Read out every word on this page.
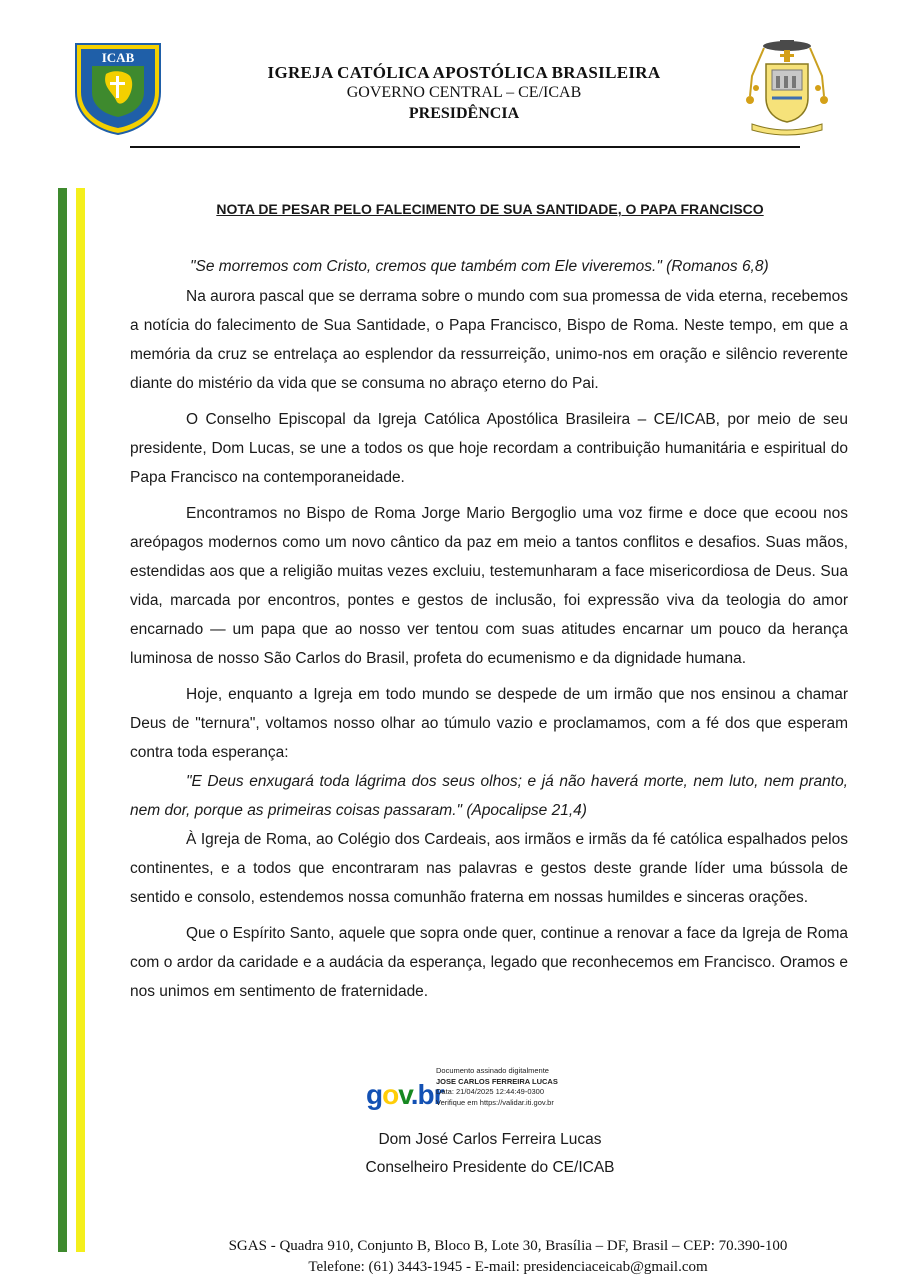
ICAB
IGREJA CATÓLICA APOSTÓLICA BRASILEIRA
GOVERNO CENTRAL – CE/ICAB
PRESIDÊNCIA
NOTA DE PESAR PELO FALECIMENTO DE SUA SANTIDADE, O PAPA FRANCISCO

"Se morremos com Cristo, cremos que também com Ele viveremos." (Romanos 6,8)

Na aurora pascal que se derrama sobre o mundo com sua promessa de vida eterna, recebemos a notícia do falecimento de Sua Santidade, o Papa Francisco, Bispo de Roma. Neste tempo, em que a memória da cruz se entrelaça ao esplendor da ressurreição, unimo-nos em oração e silêncio reverente diante do mistério da vida que se consuma no abraço eterno do Pai.

O Conselho Episcopal da Igreja Católica Apostólica Brasileira – CE/ICAB, por meio de seu presidente, Dom Lucas, se une a todos os que hoje recordam a contribuição humanitária e espiritual do Papa Francisco na contemporaneidade.

Encontramos no Bispo de Roma Jorge Mario Bergoglio uma voz firme e doce que ecoou nos areópagos modernos como um novo cântico da paz em meio a tantos conflitos e desafios. Suas mãos, estendidas aos que a religião muitas vezes excluiu, testemunharam a face misericordiosa de Deus. Sua vida, marcada por encontros, pontes e gestos de inclusão, foi expressão viva da teologia do amor encarnado — um papa que ao nosso ver tentou com suas atitudes encarnar um pouco da herança luminosa de nosso São Carlos do Brasil, profeta do ecumenismo e da dignidade humana.

Hoje, enquanto a Igreja em todo mundo se despede de um irmão que nos ensinou a chamar Deus de "ternura", voltamos nosso olhar ao túmulo vazio e proclamamos, com a fé dos que esperam contra toda esperança:

"E Deus enxugará toda lágrima dos seus olhos; e já não haverá morte, nem luto, nem pranto, nem dor, porque as primeiras coisas passaram." (Apocalipse 21,4)

À Igreja de Roma, ao Colégio dos Cardeais, aos irmãos e irmãs da fé católica espalhados pelos continentes, e a todos que encontraram nas palavras e gestos deste grande líder uma bússola de sentido e consolo, estendemos nossa comunhão fraterna em nossas humildes e sinceras orações.

Que o Espírito Santo, aquele que sopra onde quer, continue a renovar a face da Igreja de Roma com o ardor da caridade e a audácia da esperança, legado que reconhecemos em Francisco. Oramos e nos unimos em sentimento de fraternidade.

gov.br
Documento assinado digitalmente
JOSE CARLOS FERREIRA LUCAS
Data: 21/04/2025 12:44:49-0300
Verifique em https://validar.iti.gov.br
Dom José Carlos Ferreira Lucas
Conselheiro Presidente do CE/ICAB
SGAS - Quadra 910, Conjunto B, Bloco B, Lote 30, Brasília – DF, Brasil – CEP: 70.390-100
Telefone: (61) 3443-1945 - E-mail: presidenciaceicab@gmail.com
